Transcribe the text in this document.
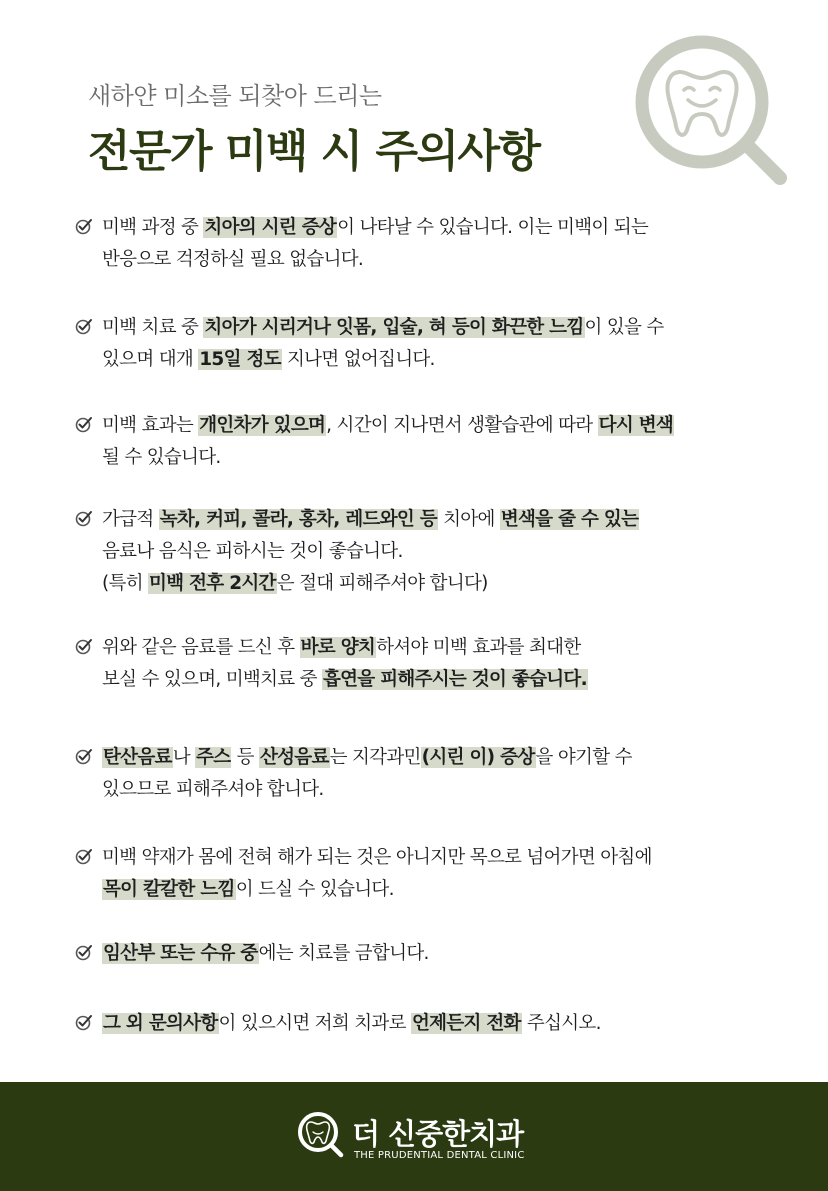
새하얀 미소를 되찾아 드리는
전문가 미백 시 주의사항
미백 과정 중 치아의 시린 증상이 나타날 수 있습니다. 이는 미백이 되는
반응으로 걱정하실 필요 없습니다.
미백 치료 중 치아가 시리거나 잇몸, 입술, 혀 등이 화끈한 느낌이 있을 수
있으며 대개 15일 정도 지나면 없어집니다.
미백 효과는 개인차가 있으며, 시간이 지나면서 생활습관에 따라 다시 변색
될 수 있습니다.
가급적 녹차, 커피, 콜라, 홍차, 레드와인 등 치아에 변색을 줄 수 있는
음료나 음식은 피하시는 것이 좋습니다.
(특히 미백 전후 2시간은 절대 피해주셔야 합니다)
위와 같은 음료를 드신 후 바로 양치하셔야 미백 효과를 최대한
보실 수 있으며, 미백치료 중 흡연을 피해주시는 것이 좋습니다.
탄산음료나 주스 등 산성음료는 지각과민(시린 이) 증상을 야기할 수
있으므로 피해주셔야 합니다.
미백 약재가 몸에 전혀 해가 되는 것은 아니지만 목으로 넘어가면 아침에
목이 칼칼한 느낌이 드실 수 있습니다.
임산부 또는 수유 중에는 치료를 금합니다.
그 외 문의사항이 있으시면 저희 치과로 언제든지 전화 주십시오.
더 신중한치과
THE PRUDENTIAL DENTAL CLINIC
